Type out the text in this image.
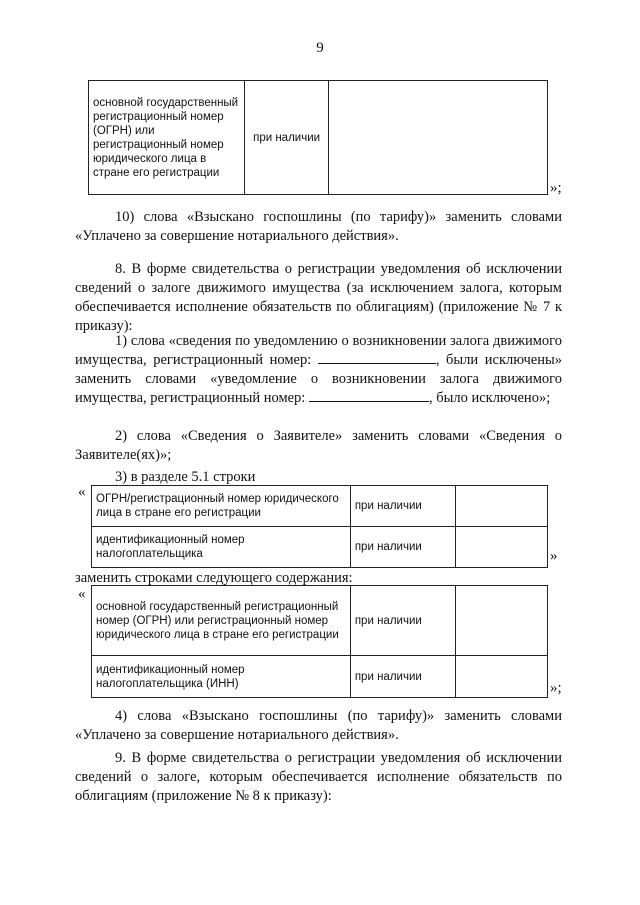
9
основной государственный регистрационный номер (ОГРН) или регистрационный номер юридического лица в стране его регистрации	при наличии	
»;

10) слова «Взыскано госпошлины (по тарифу)» заменить словами «Уплачено за совершение нотариального действия».

8. В форме свидетельства о регистрации уведомления об исключении сведений о залоге движимого имущества (за исключением залога, которым обеспечивается исполнение обязательств по облигациям) (приложение № 7 к приказу):

1) слова «сведения по уведомлению о возникновении залога движимого имущества, регистрационный номер:	, были исключены» заменить словами «уведомление о возникновении залога движимого имущества, регистрационный номер:	, было исключено»;

2) слова «Сведения о Заявителе» заменить словами «Сведения о Заявителе(ях)»;

3) в разделе 5.1 строки

« ОГРН/регистрационный номер юридического лица в стране его регистрации	при наличии	
идентификационный номер налогоплательщика	при наличии	
»

заменить строками следующего содержания:

«
основной государственный регистрационный номер (ОГРН) или регистрационный номер юридического лица в стране его регистрации	при наличии	
идентификационный номер налогоплательщика (ИНН)	при наличии	
»;

4) слова «Взыскано госпошлины (по тарифу)» заменить словами «Уплачено за совершение нотариального действия».

9. В форме свидетельства о регистрации уведомления об исключении сведений о залоге, которым обеспечивается исполнение обязательств по облигациям (приложение № 8 к приказу):
